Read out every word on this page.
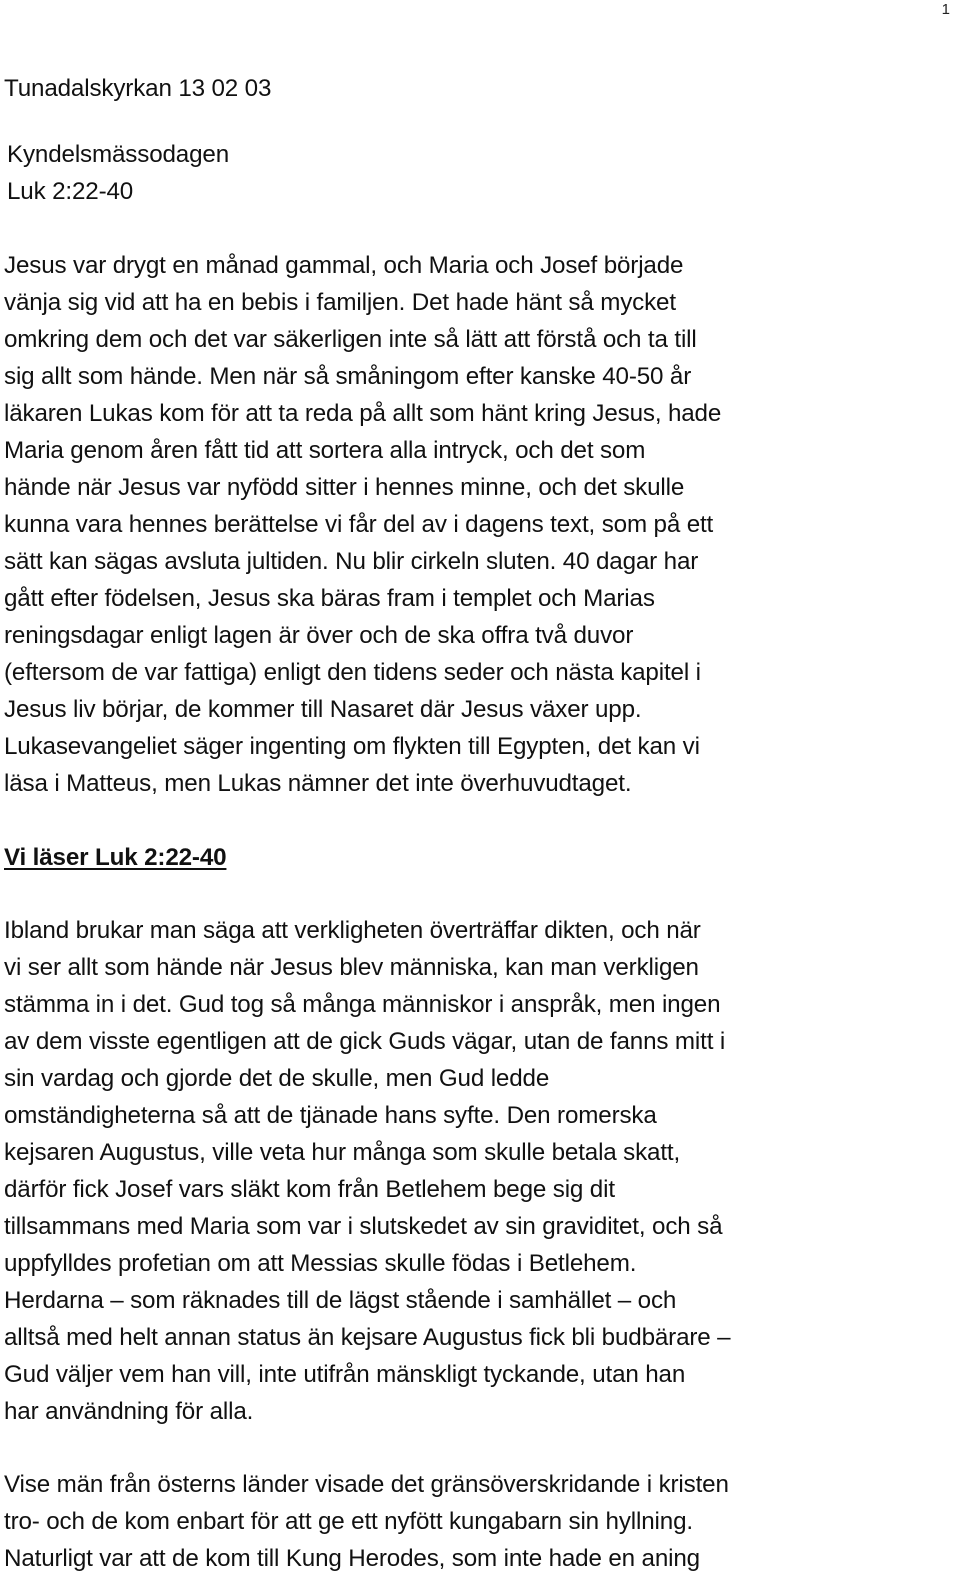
1

Tunadalskyrkan 13 02 03

Kyndelsmässodagen
Luk 2:22-40
Jesus var drygt en månad gammal, och Maria och Josef började
vänja sig vid att ha en bebis i familjen. Det hade hänt så mycket
omkring dem och det var säkerligen inte så lätt att förstå och ta till
sig allt som hände. Men när så småningom efter kanske 40-50 år
läkaren Lukas kom för att ta reda på allt som hänt kring Jesus, hade
Maria genom åren fått tid att sortera alla intryck, och det som
hände när Jesus var nyfödd sitter i hennes minne, och det skulle
kunna vara hennes berättelse vi får del av i dagens text, som på ett
sätt kan sägas avsluta jultiden. Nu blir cirkeln sluten. 40 dagar har
gått efter födelsen, Jesus ska bäras fram i templet och Marias
reningsdagar enligt lagen är över och de ska offra två duvor
(eftersom de var fattiga) enligt den tidens seder och nästa kapitel i
Jesus liv börjar, de kommer till Nasaret där Jesus växer upp.
Lukasevangeliet säger ingenting om flykten till Egypten, det kan vi
läsa i Matteus, men Lukas nämner det inte överhuvudtaget.

Vi läser Luk 2:22-40

Ibland brukar man säga att verkligheten överträffar dikten, och när
vi ser allt som hände när Jesus blev människa, kan man verkligen
stämma in i det. Gud tog så många människor i anspråk, men ingen
av dem visste egentligen att de gick Guds vägar, utan de fanns mitt i
sin vardag och gjorde det de skulle, men Gud ledde
omständigheterna så att de tjänade hans syfte. Den romerska
kejsaren Augustus, ville veta hur många som skulle betala skatt,
därför fick Josef vars släkt kom från Betlehem bege sig dit
tillsammans med Maria som var i slutskedet av sin graviditet, och så
uppfylldes profetian om att Messias skulle födas i Betlehem.
Herdarna – som räknades till de lägst stående i samhället – och
alltså med helt annan status än kejsare Augustus fick bli budbärare –
Gud väljer vem han vill, inte utifrån mänskligt tyckande, utan han
har användning för alla.
Vise män från österns länder visade det gränsöverskridande i kristen
tro- och de kom enbart för att ge ett nyfött kungabarn sin hyllning.
Naturligt var att de kom till Kung Herodes, som inte hade en aning
